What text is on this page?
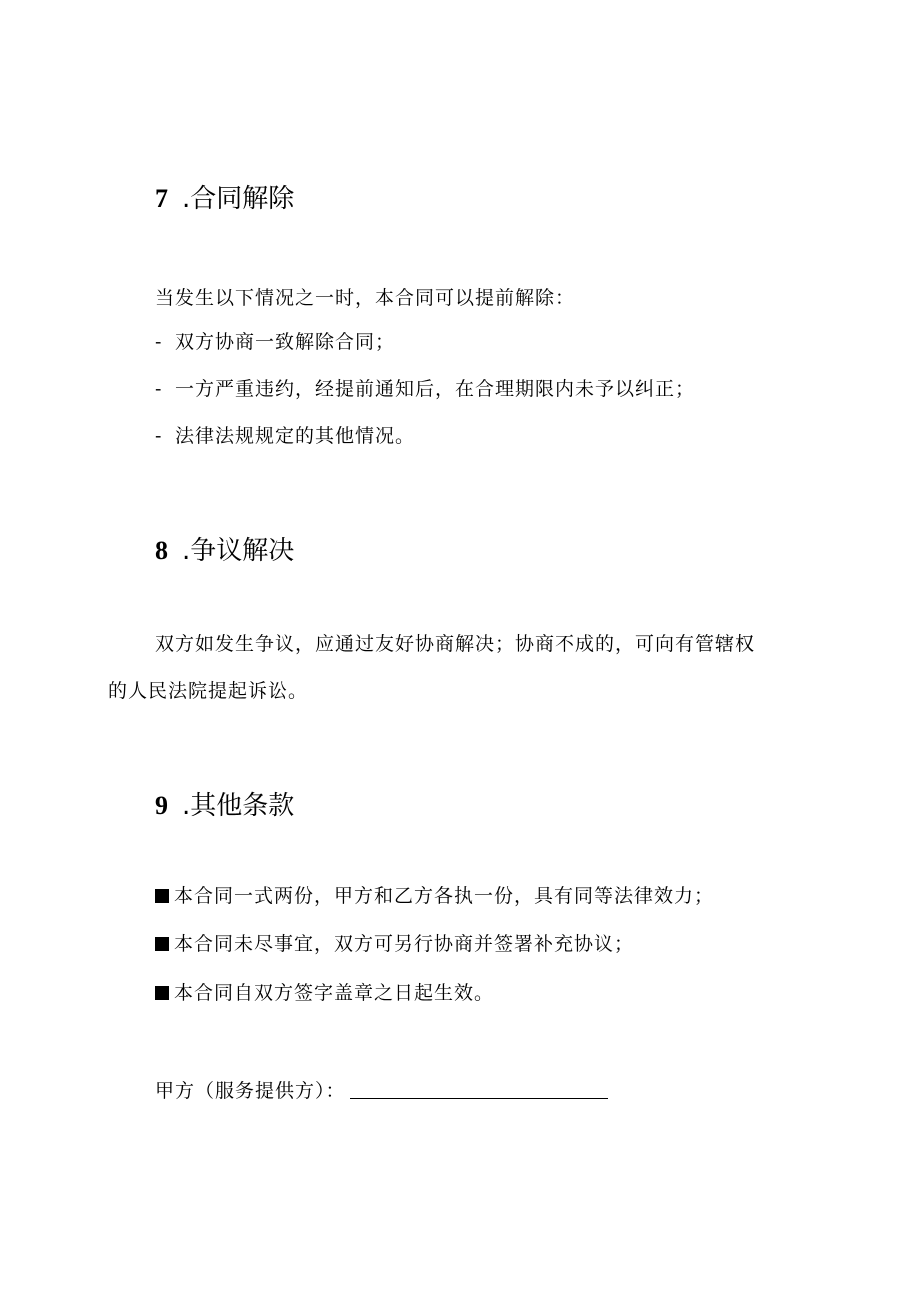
7 .合同解除

当发生以下情况之一时，本合同可以提前解除：

- 双方协商一致解除合同；

- 一方严重违约，经提前通知后，在合理期限内未予以纠正；

- 法律法规规定的其他情况。

8 .争议解决

双方如发生争议，应通过友好协商解决；协商不成的，可向有管辖权

的人民法院提起诉讼。

9 .其他条款

本合同一式两份，甲方和乙方各执一份，具有同等法律效力；

本合同未尽事宜，双方可另行协商并签署补充协议；

本合同自双方签字盖章之日起生效。

甲方（服务提供方）：
